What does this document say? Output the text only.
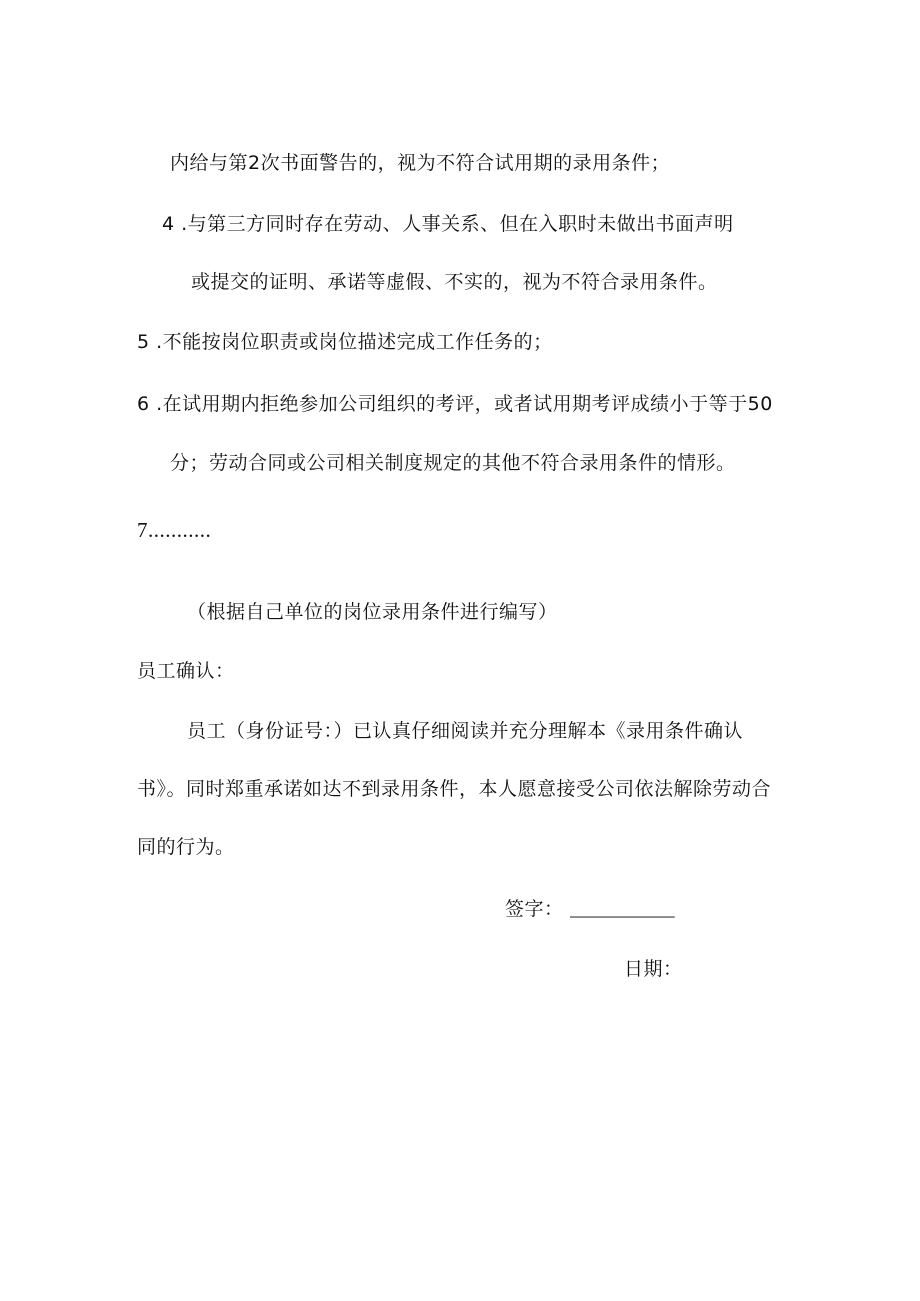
内给与第2次书面警告的，视为不符合试用期的录用条件；
4 .与第三方同时存在劳动、人事关系、但在入职时未做出书面声明
或提交的证明、承诺等虚假、不实的，视为不符合录用条件。
5 .不能按岗位职责或岗位描述完成工作任务的；
6 .在试用期内拒绝参加公司组织的考评，或者试用期考评成绩小于等于50
分；劳动合同或公司相关制度规定的其他不符合录用条件的情形。
7...........
（根据自己单位的岗位录用条件进行编写）
员工确认：
员工（身份证号：）已认真仔细阅读并充分理解本《录用条件确认
书》。同时郑重承诺如达不到录用条件，本人愿意接受公司依法解除劳动合
同的行为。
签字： ___________
日期：
